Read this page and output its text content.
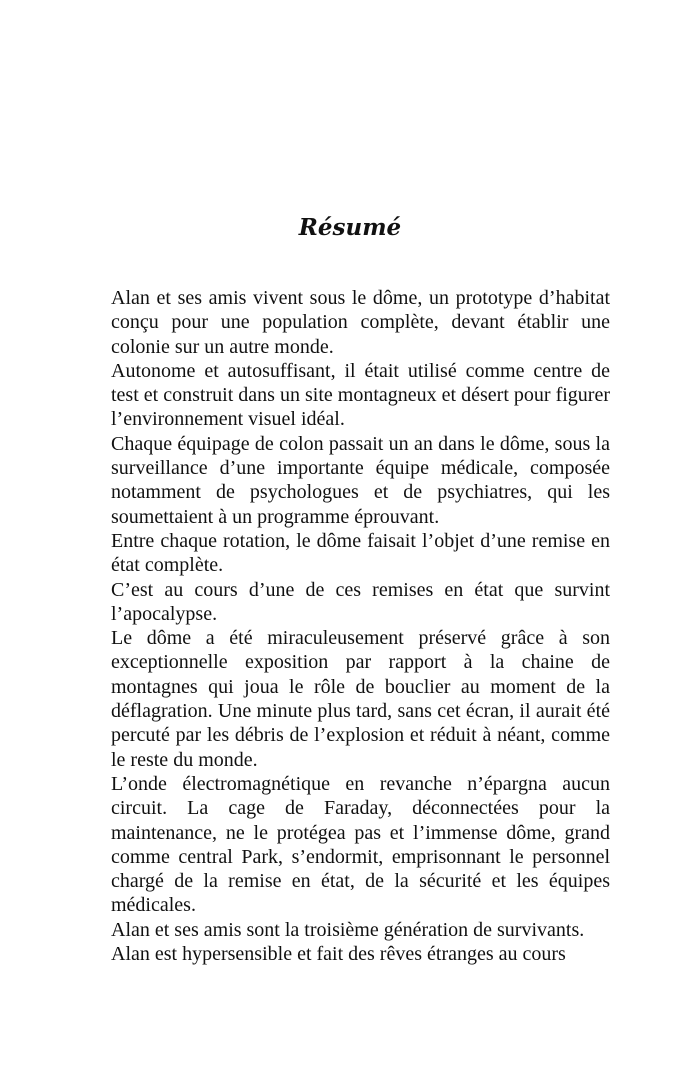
Résumé

Alan et ses amis vivent sous le dôme, un prototype d’habitat conçu pour une population complète, devant établir une colonie sur un autre monde.

Autonome et autosuffisant, il était utilisé comme centre de test et construit dans un site montagneux et désert pour figurer l’environnement visuel idéal.

Chaque équipage de colon passait un an dans le dôme, sous la surveillance d’une importante équipe médicale, composée notamment de psychologues et de psychiatres, qui les soumettaient à un programme éprouvant.

Entre chaque rotation, le dôme faisait l’objet d’une remise en état complète.

C’est au cours d’une de ces remises en état que survint l’apocalypse.

Le dôme a été miraculeusement préservé grâce à son exceptionnelle exposition par rapport à la chaine de montagnes qui joua le rôle de bouclier au moment de la déflagration. Une minute plus tard, sans cet écran, il aurait été percuté par les débris de l’explosion et réduit à néant, comme le reste du monde.

L’onde électromagnétique en revanche n’épargna aucun circuit. La cage de Faraday, déconnectées pour la maintenance, ne le protégea pas et l’immense dôme, grand comme central Park, s’endormit, emprisonnant le personnel chargé de la remise en état, de la sécurité et les équipes médicales.

Alan et ses amis sont la troisième génération de survivants.

Alan est hypersensible et fait des rêves étranges au cours
